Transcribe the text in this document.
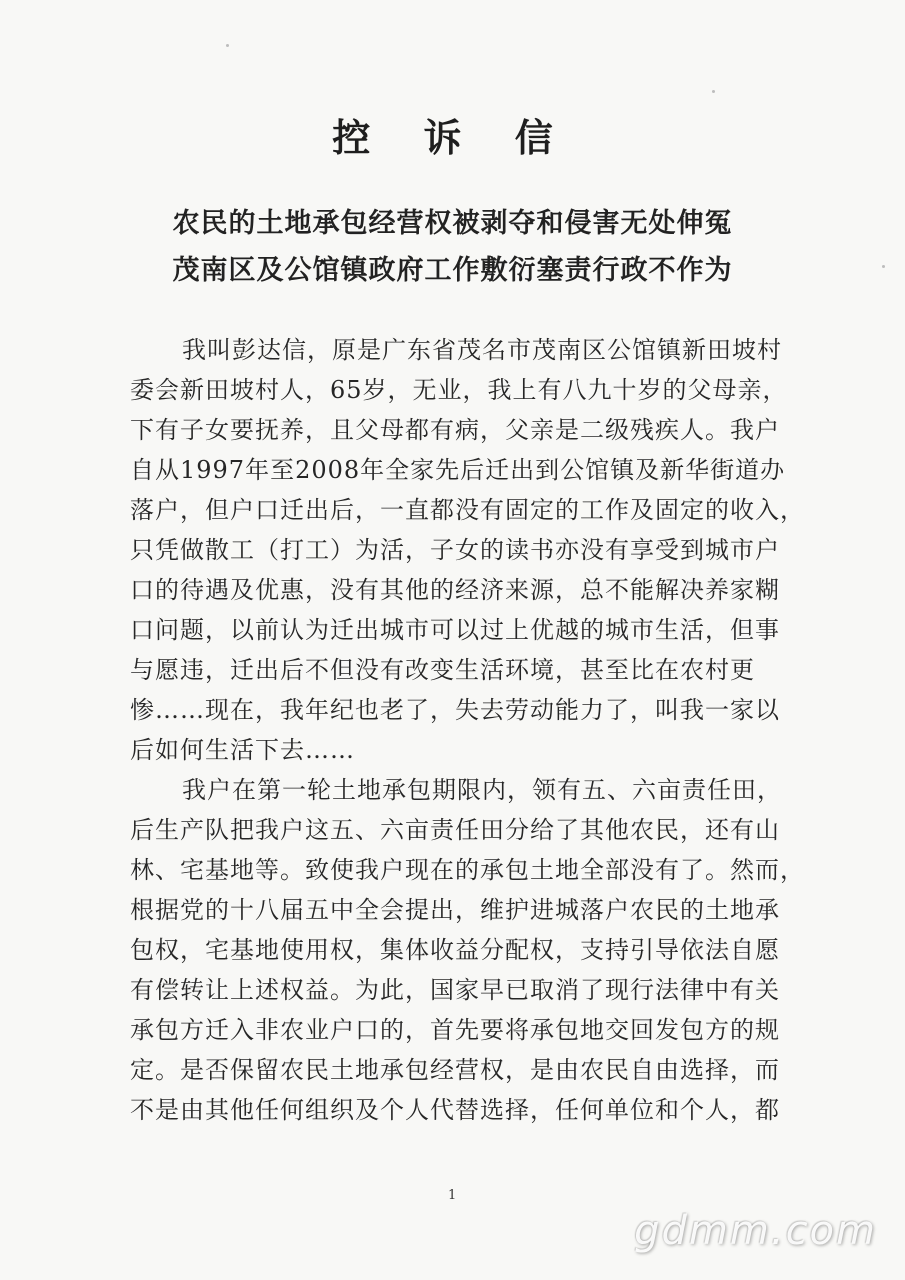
控 诉 信
农民的土地承包经营权被剥夺和侵害无处伸冤
茂南区及公馆镇政府工作敷衍塞责行政不作为
我叫彭达信，原是广东省茂名市茂南区公馆镇新田坡村
委会新田坡村人，65岁，无业，我上有八九十岁的父母亲，
下有子女要抚养，且父母都有病，父亲是二级残疾人。我户
自从1997年至2008年全家先后迁出到公馆镇及新华街道办
落户，但户口迁出后，一直都没有固定的工作及固定的收入，
只凭做散工（打工）为活，子女的读书亦没有享受到城市户
口的待遇及优惠，没有其他的经济来源，总不能解决养家糊
口问题，以前认为迁出城市可以过上优越的城市生活，但事
与愿违，迁出后不但没有改变生活环境，甚至比在农村更
惨……现在，我年纪也老了，失去劳动能力了，叫我一家以
后如何生活下去……
我户在第一轮土地承包期限内，领有五、六亩责任田，
后生产队把我户这五、六亩责任田分给了其他农民，还有山
林、宅基地等。致使我户现在的承包土地全部没有了。然而，
根据党的十八届五中全会提出，维护进城落户农民的土地承
包权，宅基地使用权，集体收益分配权，支持引导依法自愿
有偿转让上述权益。为此，国家早已取消了现行法律中有关
承包方迁入非农业户口的，首先要将承包地交回发包方的规
定。是否保留农民土地承包经营权，是由农民自由选择，而
不是由其他任何组织及个人代替选择，任何单位和个人，都
1
gdmm.com
